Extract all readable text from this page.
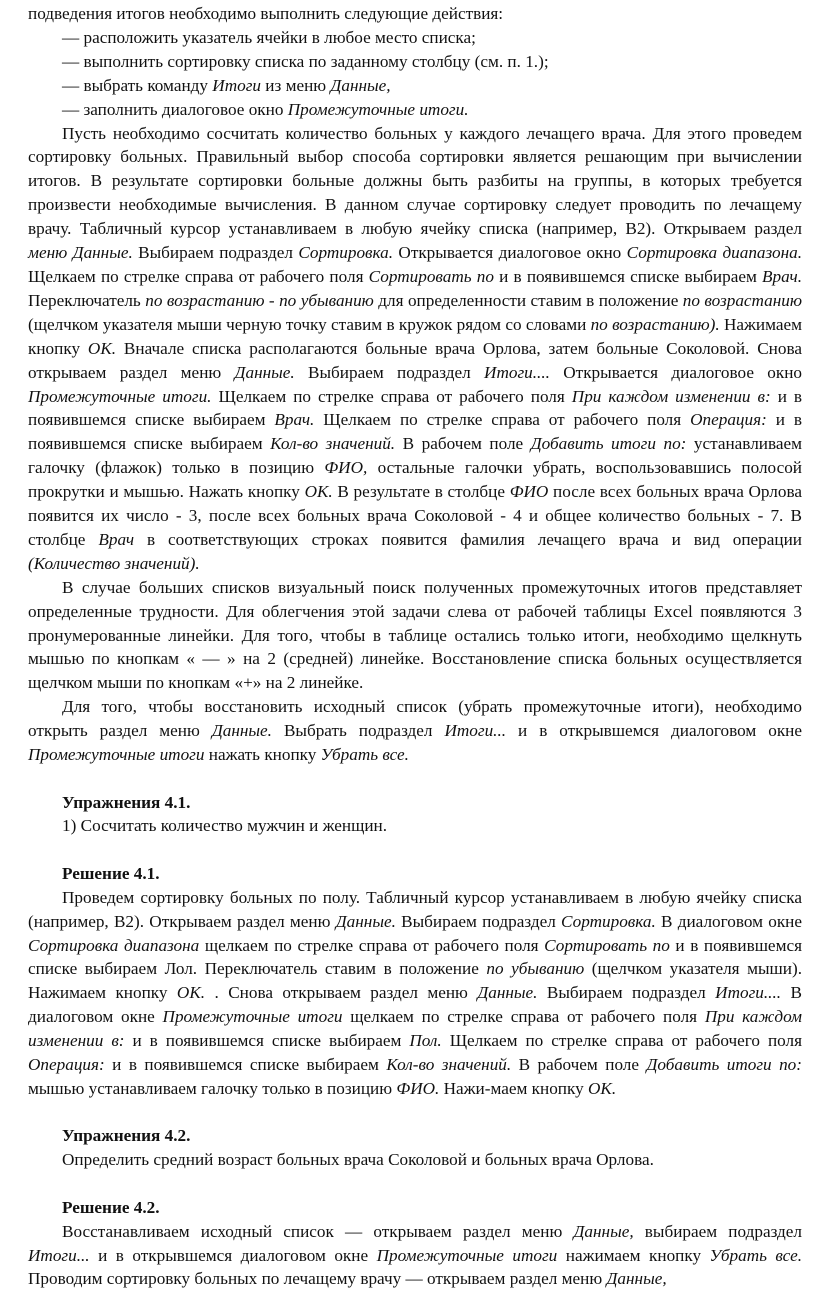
подведения итогов необходимо выполнить следующие действия:

— расположить указатель ячейки в любое место списка;

— выполнить сортировку списка по заданному столбцу (см. п. 1.);

— выбрать команду Итоги из меню Данные,

— заполнить диалоговое окно Промежуточные итоги.

Пусть необходимо сосчитать количество больных у каждого лечащего врача. Для этого проведем сортировку больных. Правильный выбор способа сортировки является решающим при вычислении итогов. В результате сортировки больные должны быть разбиты на группы, в которых требуется произвести необходимые вычисления. В данном случае сортировку следует проводить по лечащему врачу. Табличный курсор устанавливаем в любую ячейку списка (например, В2). Открываем раздел меню Данные. Выбираем подраздел Сортировка. Открывается диалоговое окно Сортировка диапазона. Щелкаем по стрелке справа от рабочего поля Сортировать по и в появившемся списке выбираем Врач. Переключатель по возрастанию - по убыванию для определенности ставим в положение по возрастанию (щелчком указателя мыши черную точку ставим в кружок рядом со словами по возрастанию). Нажимаем кнопку ОК. Вначале списка располагаются больные врача Орлова, затем больные Соколовой. Снова открываем раздел меню Данные. Выбираем подраздел Итоги.... Открывается диалоговое окно Промежуточные итоги. Щелкаем по стрелке справа от рабочего поля При каждом изменении в: и в появившемся списке выбираем Врач. Щелкаем по стрелке справа от рабочего поля Операция: и в появившемся списке выбираем Кол-во значений. В рабочем поле Добавить итоги по: устанавливаем галочку (флажок) только в позицию ФИО, остальные галочки убрать, воспользовавшись полосой прокрутки и мышью. Нажать кнопку ОК. В результате в столбце ФИО после всех больных врача Орлова появится их число - 3, после всех больных врача Соколовой - 4 и общее количество больных - 7. В столбце Врач в соответствующих строках появится фамилия лечащего врача и вид операции (Количество значений).

В случае больших списков визуальный поиск полученных промежуточных итогов представляет определенные трудности. Для облегчения этой задачи слева от рабочей таблицы Excel появляются 3 пронумерованные линейки. Для того, чтобы в таблице остались только итоги, необходимо щелкнуть мышью по кнопкам « — » на 2 (средней) линейке. Восстановление списка больных осуществляется щелчком мыши по кнопкам «+» на 2 линейке.

Для того, чтобы восстановить исходный список (убрать промежуточные итоги), необходимо открыть раздел меню Данные. Выбрать подраздел Итоги... и в открывшемся диалоговом окне Промежуточные итоги нажать кнопку Убрать все.

Упражнения 4.1.

1) Сосчитать количество мужчин и женщин.

Решение 4.1.

Проведем сортировку больных по полу. Табличный курсор устанавливаем в любую ячейку списка (например, В2). Открываем раздел меню Данные. Выбираем подраздел Сортировка. В диалоговом окне Сортировка диапазона щелкаем по стрелке справа от рабочего поля Сортировать по и в появившемся списке выбираем Лол. Переключатель ставим в положение по убыванию (щелчком указателя мыши). Нажимаем кнопку ОК. . Снова открываем раздел меню Данные. Выбираем подраздел Итоги.... В диалоговом окне Промежуточные итоги щелкаем по стрелке справа от рабочего поля При каждом изменении в: и в появившемся списке выбираем Пол. Щелкаем по стрелке справа от рабочего поля Операция: и в появившемся списке выбираем Кол-во значений. В рабочем поле Добавить итоги по: мышью устанавливаем галочку только в позицию ФИО. Нажи-маем кнопку ОК.

Упражнения 4.2.

Определить средний возраст больных врача Соколовой и больных врача Орлова.

Решение 4.2.

Восстанавливаем исходный список — открываем раздел меню Данные, выбираем подраздел Итоги... и в открывшемся диалоговом окне Промежуточные итоги нажимаем кнопку Убрать все. Проводим сортировку больных по лечащему врачу — открываем раздел меню Данные,
